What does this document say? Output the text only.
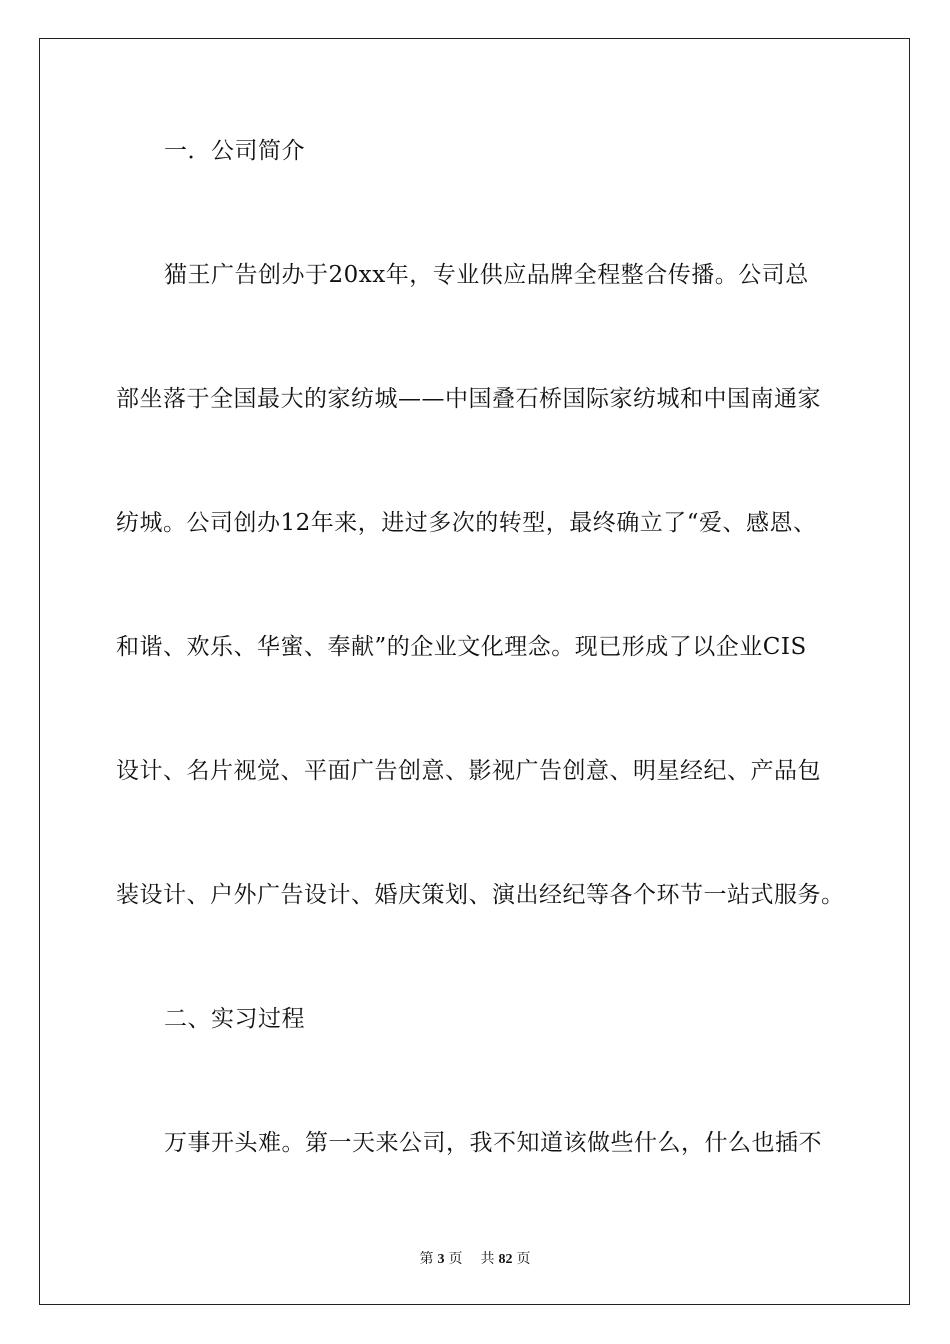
一．公司简介
猫王广告创办于20xx年，专业供应品牌全程整合传播。公司总
部坐落于全国最大的家纺城——中国叠石桥国际家纺城和中国南通家
纺城。公司创办12年来，进过多次的转型，最终确立了“爱、感恩、
和谐、欢乐、华蜜、奉献”的企业文化理念。现已形成了以企业CIS
设计、名片视觉、平面广告创意、影视广告创意、明星经纪、产品包
装设计、户外广告设计、婚庆策划、演出经纪等各个环节一站式服务。
二、实习过程
万事开头难。第一天来公司，我不知道该做些什么，什么也插不
第 3 页 共 82 页
